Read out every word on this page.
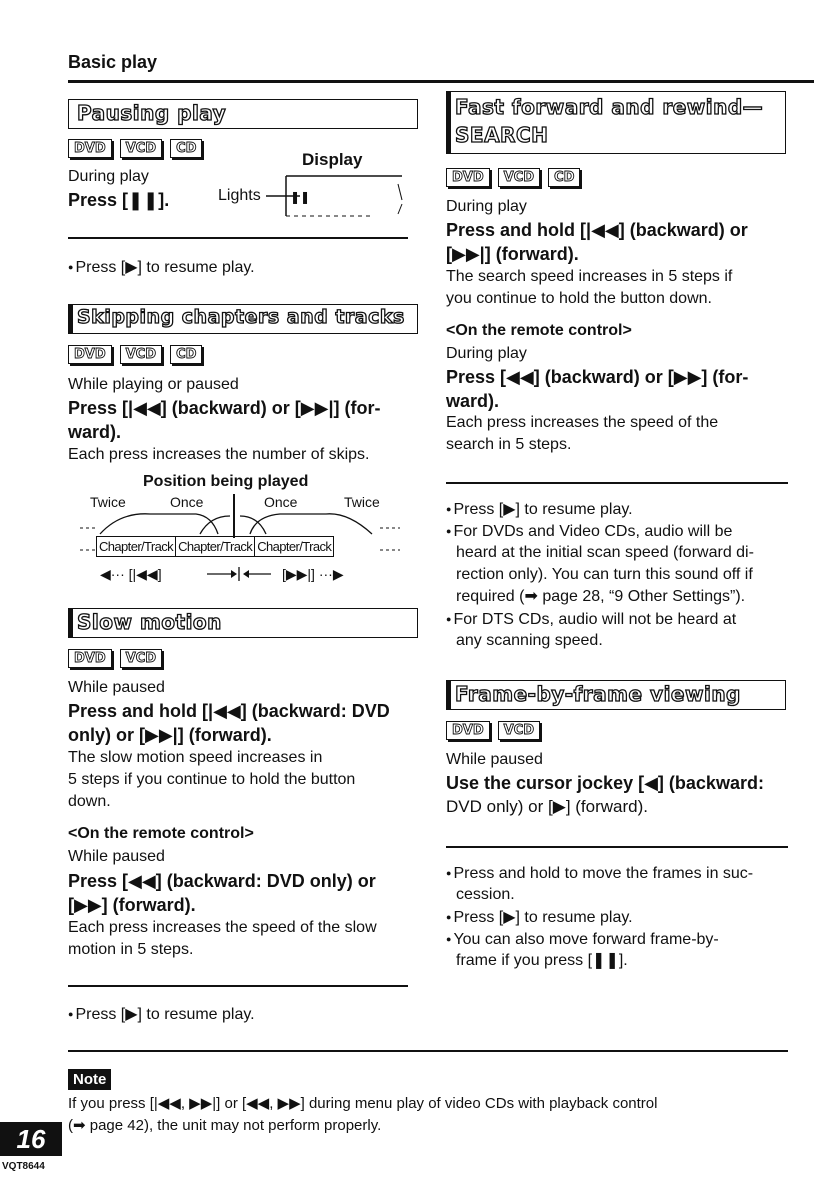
Basic play
Pausing play
DVD	VCD	CD
Display
During play
Press [❚❚].	Lights ❚❚
● Press [▶] to resume play.
Skipping chapters and tracks
DVD	VCD	CD
While playing or paused
Press [|◀◀] (backward) or [▶▶|] (for-
ward).
Each press increases the number of skips.
Position being played
Twice	Once	Once	Twice
Chapter/Track Chapter/Track Chapter/Track
◀··· [|◀◀]	[▶▶|] ···▶
Slow motion
DVD	VCD
While paused
Press and hold [|◀◀] (backward: DVD
only) or [▶▶|] (forward).
The slow motion speed increases in
5 steps if you continue to hold the button
down.
<On the remote control>
While paused
Press [◀◀] (backward: DVD only) or
[▶▶] (forward).
Each press increases the speed of the slow
motion in 5 steps.
● Press [▶] to resume play.
Fast forward and rewind—
SEARCH
DVD	VCD	CD
During play
Press and hold [|◀◀] (backward) or
[▶▶|] (forward).
The search speed increases in 5 steps if
you continue to hold the button down.
<On the remote control>
During play
Press [◀◀] (backward) or [▶▶] (for-
ward).
Each press increases the speed of the
search in 5 steps.
● Press [▶] to resume play.
● For DVDs and Video CDs, audio will be
heard at the initial scan speed (forward di-
rection only). You can turn this sound off if
required (➡ page 28, “9 Other Settings”).
● For DTS CDs, audio will not be heard at
any scanning speed.
Frame-by-frame viewing
DVD	VCD
While paused
Use the cursor jockey [◀] (backward:
DVD only) or [▶] (forward).
● Press and hold to move the frames in suc-
cession.
● Press [▶] to resume play.
● You can also move forward frame-by-
frame if you press [❚❚].
Note
If you press [|◀◀, ▶▶|] or [◀◀, ▶▶] during menu play of video CDs with playback control
(➡ page 42), the unit may not perform properly.
16
VQT8644
